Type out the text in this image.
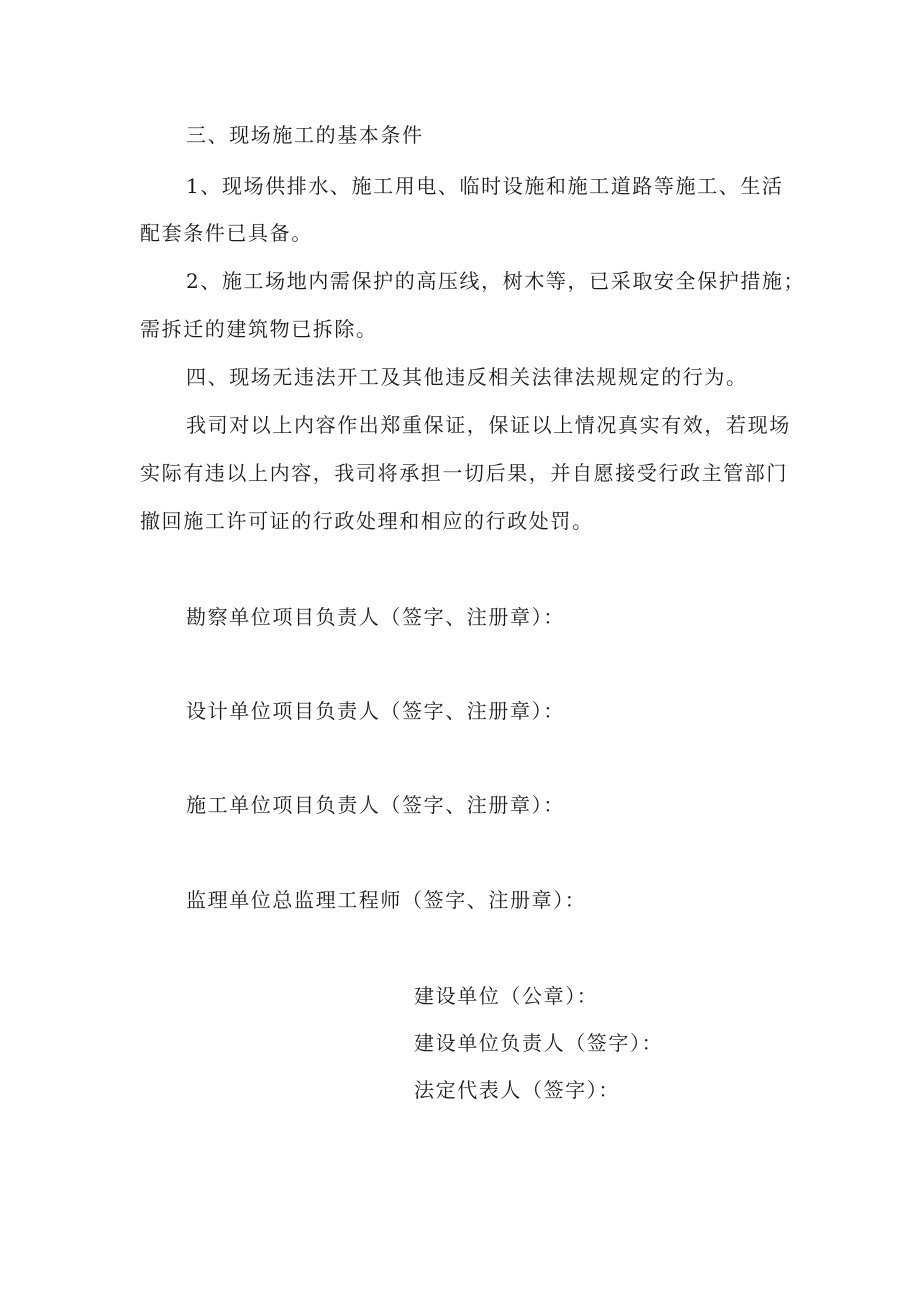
三、现场施工的基本条件
1、现场供排水、施工用电、临时设施和施工道路等施工、生活
配套条件已具备。
2、施工场地内需保护的高压线，树木等，已采取安全保护措施；
需拆迁的建筑物已拆除。
四、现场无违法开工及其他违反相关法律法规规定的行为。
我司对以上内容作出郑重保证，保证以上情况真实有效，若现场
实际有违以上内容，我司将承担一切后果，并自愿接受行政主管部门
撤回施工许可证的行政处理和相应的行政处罚。
勘察单位项目负责人（签字、注册章）：
设计单位项目负责人（签字、注册章）：
施工单位项目负责人（签字、注册章）：
监理单位总监理工程师（签字、注册章）：
建设单位（公章）：
建设单位负责人（签字）：
法定代表人（签字）：
